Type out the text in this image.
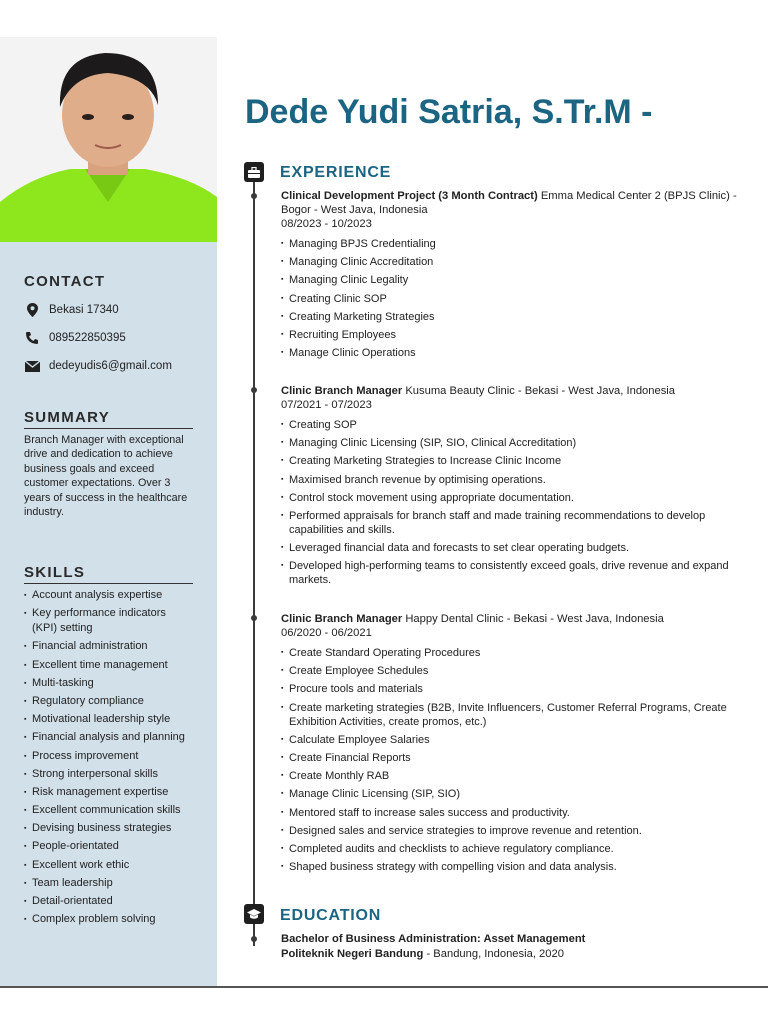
CONTACT
Bekasi 17340
089522850395
dedeyudis6@gmail.com
SUMMARY

Branch Manager with exceptional drive and dedication to achieve business goals and exceed customer expectations. Over 3 years of success in the healthcare industry.

SKILLS
▪ Account analysis expertise
▪ Key performance indicators (KPI) setting
▪ Financial administration
▪ Excellent time management
▪ Multi-tasking
▪ Regulatory compliance
▪ Motivational leadership style
▪ Financial analysis and planning
▪ Process improvement
▪ Strong interpersonal skills
▪ Risk management expertise
▪ Excellent communication skills
▪ Devising business strategies
▪ People-orientated
▪ Excellent work ethic
▪ Team leadership
▪ Detail-orientated
▪ Complex problem solving
Dede Yudi Satria, S.Tr.M -
EXPERIENCE
Clinical Development Project (3 Month Contract) Emma Medical Center 2 (BPJS Clinic) - Bogor - West Java, Indonesia
08/2023 - 10/2023
▪ Managing BPJS Credentialing
▪ Managing Clinic Accreditation
▪ Managing Clinic Legality
▪ Creating Clinic SOP
▪ Creating Marketing Strategies
▪ Recruiting Employees
▪ Manage Clinic Operations
Clinic Branch Manager Kusuma Beauty Clinic - Bekasi - West Java, Indonesia
07/2021 - 07/2023
▪ Creating SOP
▪ Managing Clinic Licensing (SIP, SIO, Clinical Accreditation)
▪ Creating Marketing Strategies to Increase Clinic Income
▪ Maximised branch revenue by optimising operations.
▪ Control stock movement using appropriate documentation.
▪ Performed appraisals for branch staff and made training recommendations to develop capabilities and skills.
▪ Leveraged financial data and forecasts to set clear operating budgets.
▪ Developed high-performing teams to consistently exceed goals, drive revenue and expand markets.
Clinic Branch Manager Happy Dental Clinic - Bekasi - West Java, Indonesia
06/2020 - 06/2021
▪ Create Standard Operating Procedures
▪ Create Employee Schedules
▪ Procure tools and materials
▪ Create marketing strategies (B2B, Invite Influencers, Customer Referral Programs, Create Exhibition Activities, create promos, etc.)
▪ Calculate Employee Salaries
▪ Create Financial Reports
▪ Create Monthly RAB
▪ Manage Clinic Licensing (SIP, SIO)
▪ Mentored staff to increase sales success and productivity.
▪ Designed sales and service strategies to improve revenue and retention.
▪ Completed audits and checklists to achieve regulatory compliance.
▪ Shaped business strategy with compelling vision and data analysis.
EDUCATION
Bachelor of Business Administration: Asset Management
Politeknik Negeri Bandung - Bandung, Indonesia, 2020
